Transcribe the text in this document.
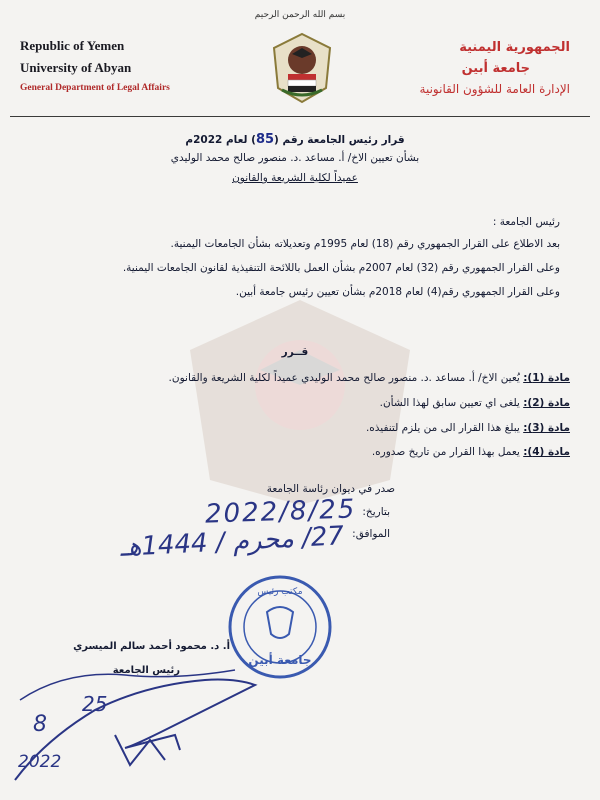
بسم الله الرحمن الرحيم
Republic of Yemen
University of Abyan
General Department of Legal Affairs
الجمهورية اليمنية
جامعة أبين
الإدارة العامة للشؤون القانونية
قرار رئيس الجامعة رقم (85) لعام 2022م
بشأن تعيين الاخ/ أ. مساعد .د. منصور صالح محمد الوليدي
عميداً لكلية الشريعة والقانون
رئيس الجامعة :
بعد الاطلاع على القرار الجمهوري رقم (18) لعام 1995م وتعديلاته بشأن الجامعات اليمنية.
وعلى القرار الجمهوري رقم (32) لعام 2007م بشأن العمل باللائحة التنفيذية لقانون الجامعات اليمنية.
وعلى القرار الجمهوري رقم(4) لعام 2018م بشأن تعيين رئيس جامعة أبين.
قــرر
مادة (1): يُعين الاخ/ أ. مساعد .د. منصور صالح محمد الوليدي عميداً لكلية الشريعة والقانون.
مادة (2): يلغى اي تعيين سابق لهذا الشأن.
مادة (3): يبلغ هذا القرار الى من يلزم لتنفيذه.
مادة (4): يعمل بهذا القرار من تاريخ صدوره.
صدر في ديوان رئاسة الجامعة
بتاريخ:
الموافق:
2022/8/25
27/ محرم / 1444هـ
مكتب رئيس
جامعة أبين
أ. د. محمود أحمد سالم الميسري
رئيس الجامعة
25
8
2022
